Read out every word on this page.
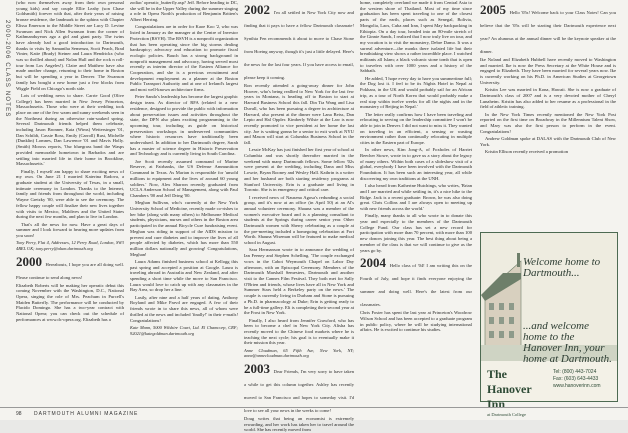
2000-2006 CLASS NOTES

(who now themselves away from their own personal young kids) and say couple Ellie Leahy (son Chase Goldsmith) forever with that, after their years of raising bronze residence, the landmark to the sphinx with Chapter Elissa Emerson to the Middle Street are Lucy D. Levine Swanson and Nick Allen Swanson from the corner of Kathmanduyears ago a girl and giant party. The twins have already had a good introduction to Dartmouth, thanks to visits by Samantha Semenza, Scott Peach, Brad Vinter, Katie (Brady) Steiner and Laura Hendrickx (who was so thrilled about) and Nolan Hull and the rock n roll-tour from Los Angeles!). Claire and Matthew have also made another change, returning to their home in Boston but will be spending a year in Denver. The Swanson family has bought a new home just a few blocks from Wiggle Field on Chicago's north side.

Lots of wedding news to share. Carrie Good (Olive College) has been married in New Jersey Princeton, Massachusetts. Those who were at their wedding took place on one of the few warm and sunny weekends seen in the Northeast during an otherwise rain-soaked spring. Several Dartmouth friends helped them celebrate, including Jason Bronner, Kaia (Wims) Wettersinger '01, Dan Schildt, Cassie Ross, Emily (Carroll) Rust, Michelle (Dunklin) Lomnes, Dan Lawrence '01 and Mavis Holly. (Smith) Moross reports, 'Our bluegrass band the Wasps provided memorable hometown in Barbados and are settling into married life in their home in Brookline, Massachusetts.'

Finally, I myself am happy to share exciting news of my own. On June 21 I married Katerina Radova, a graduate student at the University of Texas, in a small, intimate ceremony in London. Thanks to the Internet, family and friends from throughout the world, including Wayne Gretzky '00, were able to see the ceremony. The fellow happy couple will finalize their new lives together with visits to Mexico, Maldives and the United States during the next few months, and plan to live in London.

That's all the news for now. Have a great days of summer and I look forward to hearing more updates from you soon!

Tony Perry, Flat 4, Addresses, 12 Perry Road, London, SW3 4BEL UK; tony.perry@alum.dartmouth.org

2000 Hereabouts, I hope you are all doing well. Please continue to send along news!

Elizabeth Roberts will be making her operatic debut this coming November with the Washington, D.C., National Opera, singing the role of Mrs. Peachum in Purcell's Maiden Butterfly. The performance will be conducted by Placido Domingo. She has a two-year contract with National Opera; you can check out the schedule of performances at www.dc-opera.org. Elizabeth has a

zodiac' operatic_butterfly.asp? Jeff. Before heading to DC, she will be in the Upper Valley during the summer singing a role in Opera North's production of Benjamin Britten's Albert Herring.

Congratulations are in order for Kaoe Koo '2, who was listed in January as the manager at the Centre of Investor Protection (RSVH). The RSVH is a nonprofit organization that has been operating since the big storms dealing bankruptcy; advocacy and education to promote fiscal ecologic policies. Bauch has a strong background in nonprofit management and advocacy, having served most recently as interim director of the Eastern Alliance for Cooperation, and she is a previous recruitment and development employment as a planner at the Boston Public Transport Authority and at one of Ireland's largest and most well-known architecture firms.

Peter Sando's leadership has become the largest graphic design team. As director of RFA (related to a new residence, designed to provide the public with information about preservation issues and activities throughout the state, the DPN also plans exciting programming to the upcoming tour, including as guide on historical preservation workshops in underserved communities where historic resources have traditionally been undervalued. In addition to her Dartmouth degree, Sarah has a master of science degree in Historic Preservation and Technology and is currently living in South Carolina.

Joe Scott recently assumed command of Marine Reserve, at Fairbanks, the US Defense Ammunition Command in Texas. As Marian is responsible for 'unsold millions to equipment and the lives of around 60 young soldiers.' Now, Alex Sharron recently graduated from UCLA Anderson School of Management, along with Paul Chambers '00 and Jeff Dring '00.

Meghan Sullivan, who's currently at the New York University School of Medicine, recently made co-rishes to her bike (along with many others) to Melbourne Medical students, physicians, nurses and others in the Boston area participated in the annual Bicycle Cure fundraising event. Meghan was riding in support of the AIDS mission to prevent and cure diabetes and to improve the lives of all people affected by diabetes, which has more than 550 million dollars nationally and growing! Congratulations, Meghan!

Laura Adams finished business school at Kellogg this past spring and accepted a position at Google. Laura is traveling abroad in Australia and New Zealand, and after spending a short time while the move to San Francisco. Laura would love to catch up with any classmates in the Bay Area, so drop her a line.

Lastly, after nine and a half years of dating, Anthony Boyland and Mike Parvd are engaged. A few of their friends wrote in to share this news, all of whom were thrilled at the news and included 'finally!' in their e-mails! Congratulations!

Kate Mann, 5000 Wilshire Court, Ltd. El Chamcorp, CRF; 92021@kategoldman.dartmouth.org

2002 I'm all settled in New York City now and finding that it pays to have a fellow Dartmouth classmate! Synthia Fen recommends it about to move to Chase Stone from Hoeing anyway, though it's just a little delayed. Here's the news for the last four years. If you have access to email, please keep it coming.

Ron recently attended a going-away dinner for John Hoover, who's being reallied to New York for the last few years in Montana, is heading off to Boston to start at Harvard Business School this fall. Din Tia Wang and Lisa Duvall, who has been pursuing a degree in architecture at Harvard, also present at the dinner were Lana Beiss, Dan Lepto and Hal Oppler. Kimberly Wilsie at the Law is now recently promoted to vice president at her home the last city. Joe is waiting gonna be a senior to exit work at NYU and Mason will start at Columbia Business School in the fall.

Lessie McKay has just finished her first year of school at Columbia and was shortly thereafter married in the weekend with many Dartmouth fellows. Some fellow '02s were present at the wedding, including Dana and Miss Lowrie, Bryan Rooney and Wesley Hall. Kathrin is a writer and her husband are both starting residency programs at Stanford University. Erin is a graduate and living in Toronto. She is in emergency and critical care.

I received news of Nausena Agosa's redunding a social group, and it's now at an office (in April 50) at an Al's annual volunteer ceremony. Shauna was a member of the women's executive board and is a planning consultant to students at the Springs during career senior year. Other Dartmouth women with Sherry celebrating as a couple at the pre-meeting included a homegoing celebration at Fort Worth. Shauna Wiseman will be featured to make medical school in August.

Sara Hermanson wrote in to announce the wedding of Ian Feeney and Stephen Schelling. 'The couple exchanged vows in the Cabot Weymouth Chapel on Labor Day afternoon, with an Episcopal Ceremony. Members of the Dartmouth Marshall Semesters, Dartmouth and another visit to the Cannes Film Festival. They both met for Sally O'Brien and friends, whose lives have all in New York and Summer Stars held a Berkeley party on the news.' The couple is currently living in Durham and Stone is pursuing a Ph.D. in pharmacology at Duke; Erin is getting ready to be a full-time gallery. Eli is completing their second year at the Frost in New York.

Finally, I also heard from Jennifer Crawford, who has been to become a chef in New York City. Alisha has recently moved to the Chinese food markets where he is teaching the next cycle; his goal is to eventually make it their mission this year.

Anne Cloudman, 65 Fifth Ave, New York, NY; anne@annecloudman.dartmouth.org

2003 Dear Friends, I'm very sorry to have taken a while to get this column together. Ashley has recently moved to San Francisco and hopes to someday visit. I'd love to see all your news in the weeks to come!

Doug writes that being an economist is extremely rewarding, and her work has taken her to travel around the world. She has recently moved from

home, completely overland we made it from Central Asia to the western shore of Thailand. Most of my time since graduation has been spent traveling to one of the closest parts of the earth, places such as Senegal, Bolivia, Mongolia, Laos, Cuba and Iran, I spent May backpacking in Ethiopia. On a day tour, headed into an 80-mile stretch of the Ginnie Sands, I realized that I now truly live on tour, and my vocation is to visit the monastery, Debre Damo. It was a surreal adventure—the monks there isolated life but their breathtaking view shows a rather incredible place. I watched militants all Islam; a black volcanic stone tomb that is open to travelers with over 1000 years and a history of the Sabbath.

He added, 'I hope every day to have you summertime full; the Dog lost it. I feel to be its Nights Hotel in Nepal at Pokhara, in the UK and would probably sail for an African trip, as a tour of North Korea that would probably make a real stop within twelve weeks for all the nights and in the monastery of Beijing in Nepal.'

The letter really confirms how I have been traveling and relocating to serving on the leadership committee I won't be able to join in Denver. I did not want to miss it. They wanted on traveling in an efficient, a sensing or wasting environment rather than continually relocating in multiple cities in the Eastern part of Europe.

In other news, Kim Jong-A, of Foxholes of Harriet Beecher Stowe, wrote in to gave us a story about the legacy of many others. Within both cases of a slideshow visit of a global, everybody I have been involved with the Dartmouth Foundation. It has been such an interesting year, all while discovering my own traditions at the UNH.

I also heard from Katherine Hutchings, who writes, 'Brian and I are married and while settling in, it's a nice hike to the Ridge. Jack is a recent graduate: Brown, he was also doing great. Chris Collins and I are always open to meeting up with new friends across the world.'

Finally, many thanks to all who wrote in to donate this year and especially to the members of the Dartmouth College Fund. Our class has set a new record for participation with more than 70 percent, with more than 100 new donors joining this year. The best thing about being a member of the class is that we will continue to give as the years go by.

2004 Hello class of '04! I am writing this on the Fourth of July, and hope it finds everyone enjoying the summer and doing well. Here's the latest from our classmates.

Chris Foster has spent the last year at Princeton's Woodrow Wilson School and has been accepted to a graduate program in public policy, where he will be studying international affairs. He is excited to continue his studies.

2005 Hello '05s! Welcome back to your Class Notes! Can you believe that the '05s will be starting their Dartmouth experience next year? An alumnus at the annual dinner will be the keynote speaker at the dinner.

Ike Noland and Elizabeth Hubbell have recently moved to Washington and married. Ike is now the Press Secretary at the White House and is engaged to Elizabeth. They have been married for several years now. Ike is currently working on his Ph.D. in American Studies at Georgetown University.

Kristin Lee was married in Kona, Hawaii. She is now a graduate of Dartmouth's class of 2007 and is a very devoted mother of Cheryl Lunaheim. Kristin has also added to her resume as a professional in the field of athletic training.

In the New York Times recently mentioned the New York Post reported on the first time on Broadway in the Millennium Talent Show, and Mary was also the first person to perform in the event. Congratulations!

Andrew Goldman spoke at DALAS with the Dartmouth Club of New York.

Kristin Ellison recently received a promotion

Welcome home to Dartmouth...
...and welcome home to the Hanover Inn, your home at Dartmouth.
The Hanover Inn
at Dartmouth College
Tel: (800) 443-7024
Fax: (603) 643-4433
www.hanoverinn.com
98 DARTMOUTH ALUMNI MAGAZINE
